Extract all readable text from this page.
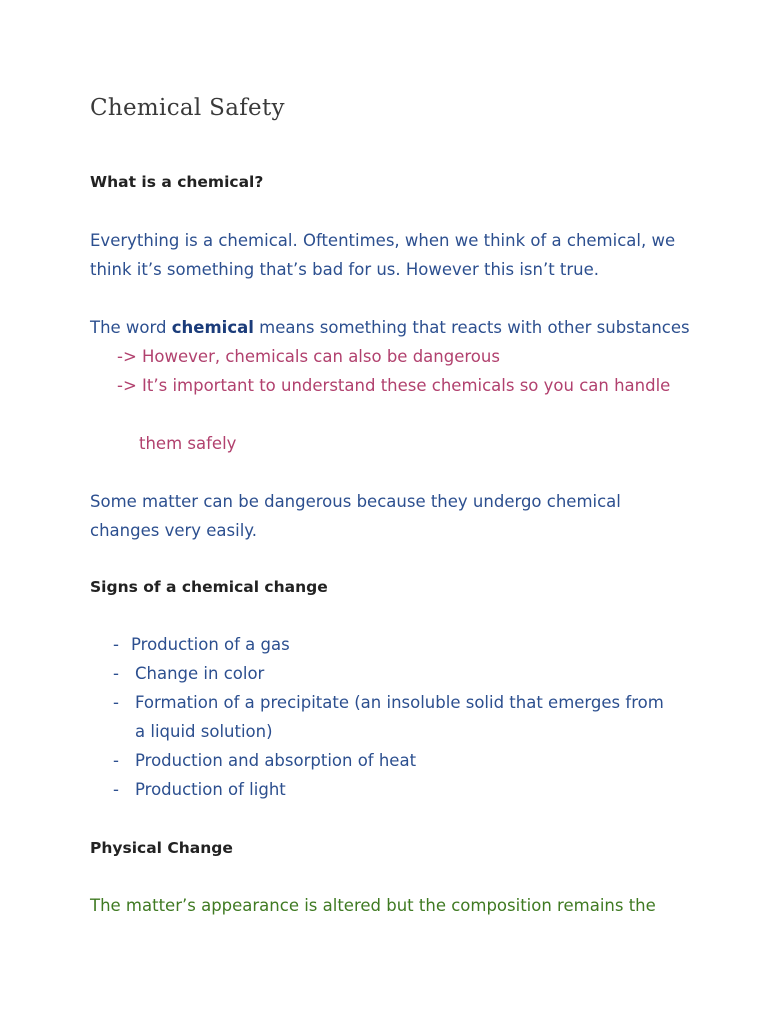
Chemical Safety
What is a chemical?
Everything is a chemical. Oftentimes, when we think of a chemical, we
think it’s something that’s bad for us. However this isn’t true.
The word chemical means something that reacts with other substances
-> However, chemicals can also be dangerous
-> It’s important to understand these chemicals so you can handle
them safely
Some matter can be dangerous because they undergo chemical
changes very easily.
Signs of a chemical change
- Production of a gas
- Change in color
- Formation of a precipitate (an insoluble solid that emerges from
a liquid solution)
- Production and absorption of heat
- Production of light
Physical Change
The matter’s appearance is altered but the composition remains the
